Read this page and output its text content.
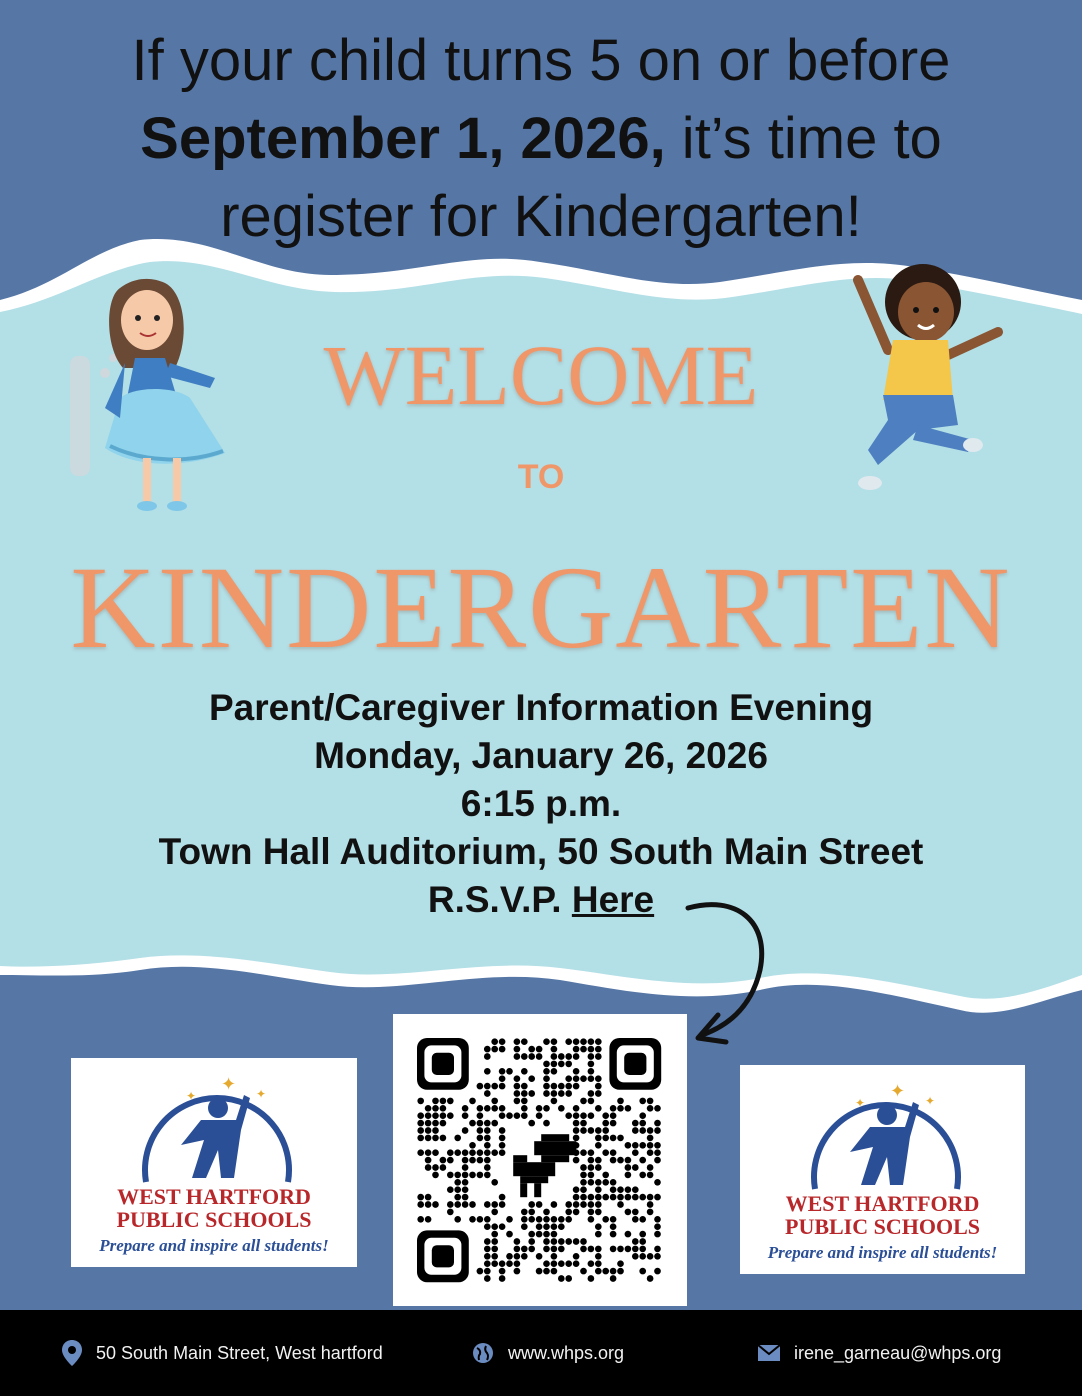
If your child turns 5 on or before
September 1, 2026, it’s time to
register for Kindergarten!
WELCOME
TO
KINDERGARTEN
Parent/Caregiver Information Evening
Monday, January 26, 2026
6:15 p.m.
Town Hall Auditorium, 50 South Main Street
R.S.V.P. Here
✦
✦	✦
WEST HARTFORD
PUBLIC SCHOOLS
Prepare and inspire all students!
✦
✦	✦
WEST HARTFORD
PUBLIC SCHOOLS
Prepare and inspire all students!
50 South Main Street, West hartford	www.whps.org	irene_garneau@whps.org
